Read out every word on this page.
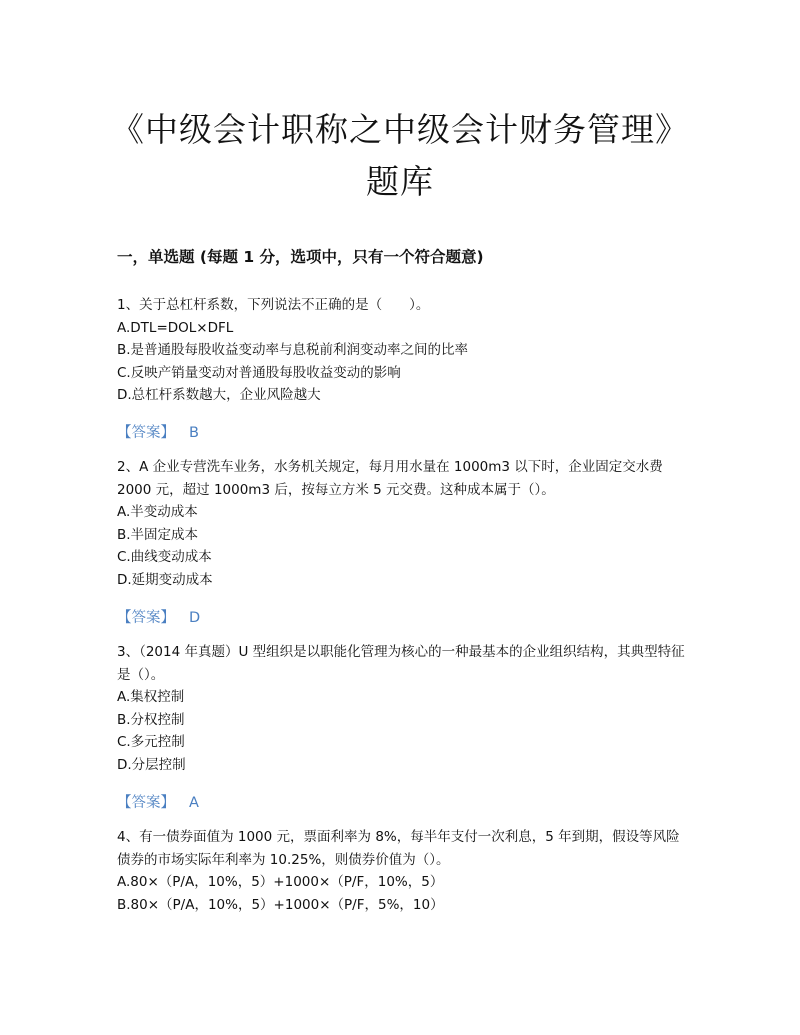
《中级会计职称之中级会计财务管理》题库
一，单选题 (每题 1 分，选项中，只有一个符合题意)

1、关于总杠杆系数，下列说法不正确的是（　　）。

A.DTL=DOL×DFL

B.是普通股每股收益变动率与息税前利润变动率之间的比率

C.反映产销量变动对普通股每股收益变动的影响

D.总杠杆系数越大，企业风险越大

【答案】 B

2、A 企业专营洗车业务，水务机关规定，每月用水量在 1000m3 以下时，企业固定交水费 2000 元，超过 1000m3 后，按每立方米 5 元交费。这种成本属于（）。

A.半变动成本

B.半固定成本

C.曲线变动成本

D.延期变动成本

【答案】 D

3、（2014 年真题）U 型组织是以职能化管理为核心的一种最基本的企业组织结构，其典型特征是（）。

A.集权控制

B.分权控制

C.多元控制

D.分层控制

【答案】 A

4、有一债券面值为 1000 元，票面利率为 8%，每半年支付一次利息，5 年到期，假设等风险债券的市场实际年利率为 10.25%，则债券价值为（）。

A.80×（P/A，10%，5）+1000×（P/F，10%，5）

B.80×（P/A，10%，5）+1000×（P/F，5%，10）
